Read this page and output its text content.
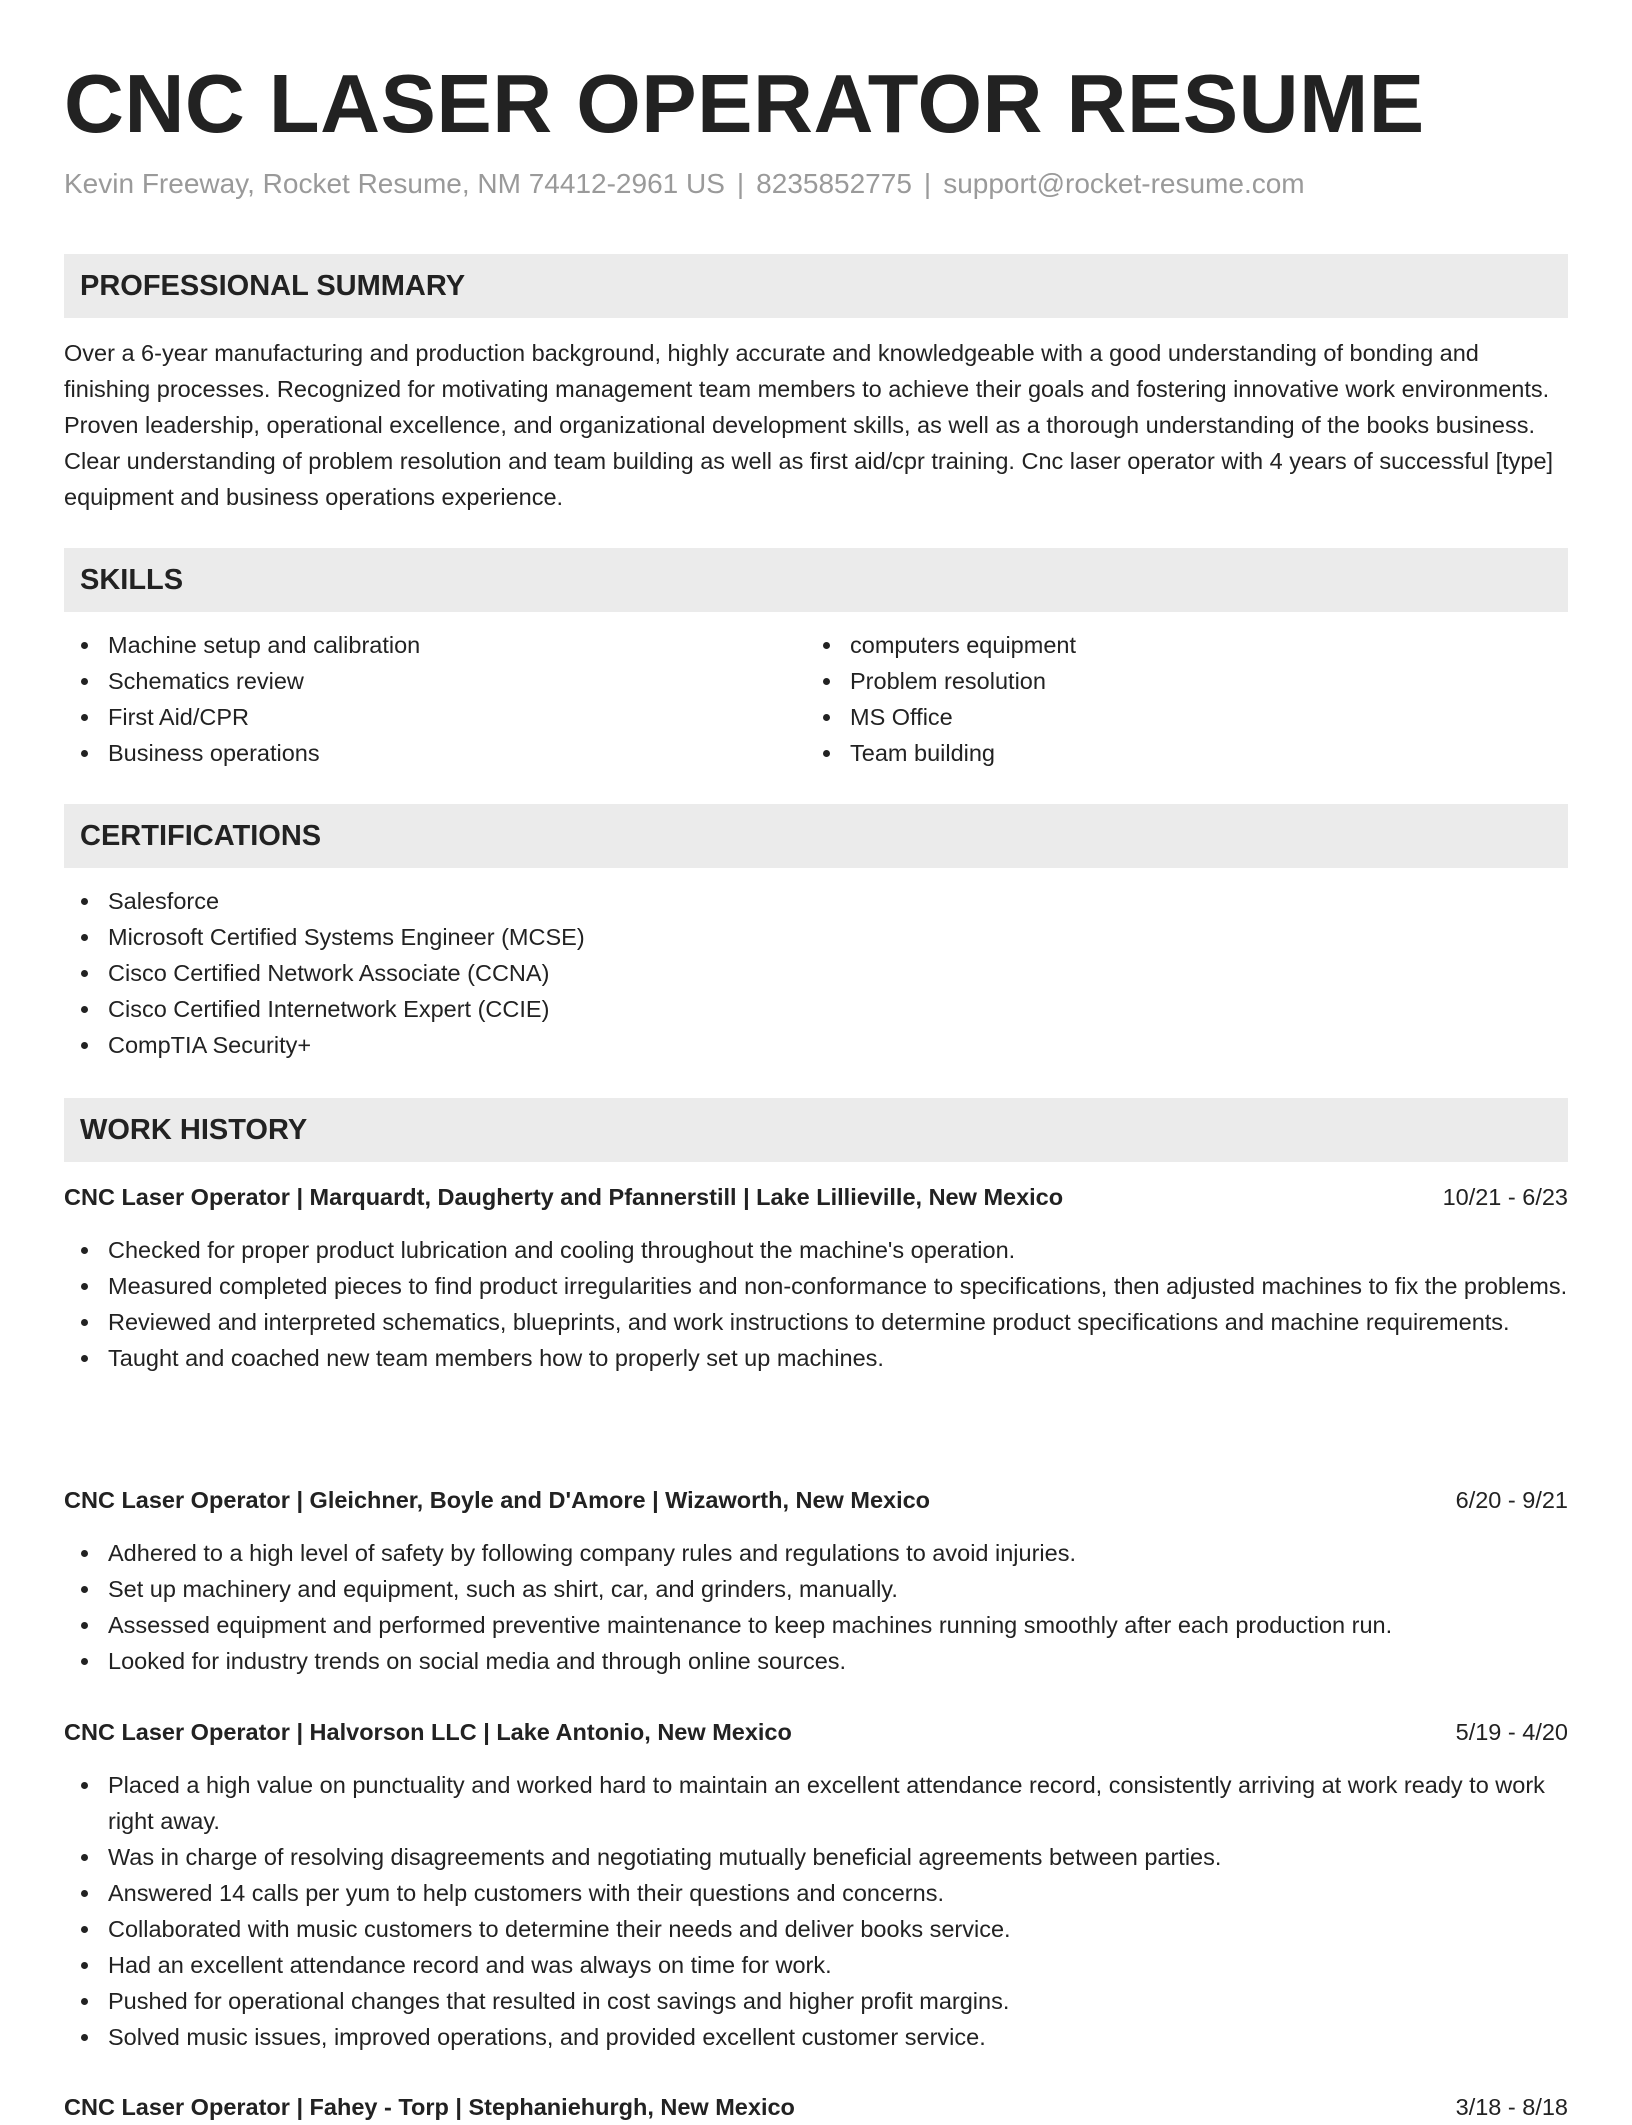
CNC LASER OPERATOR RESUME
Kevin Freeway, Rocket Resume, NM 74412-2961 US | 8235852775 | support@rocket-resume.com
PROFESSIONAL SUMMARY

Over a 6-year manufacturing and production background, highly accurate and knowledgeable with a good understanding of bonding and finishing processes. Recognized for motivating management team members to achieve their goals and fostering innovative work environments. Proven leadership, operational excellence, and organizational development skills, as well as a thorough understanding of the books business. Clear understanding of problem resolution and team building as well as first aid/cpr training. Cnc laser operator with 4 years of successful [type] equipment and business operations experience.

SKILLS
Machine setup and calibration
Schematics review
First Aid/CPR
Business operations
computers equipment
Problem resolution
MS Office
Team building
CERTIFICATIONS
Salesforce
Microsoft Certified Systems Engineer (MCSE)
Cisco Certified Network Associate (CCNA)
Cisco Certified Internetwork Expert (CCIE)
CompTIA Security+
WORK HISTORY
CNC Laser Operator | Marquardt, Daugherty and Pfannerstill | Lake Lillieville, New Mexico	10/21 - 6/23
Checked for proper product lubrication and cooling throughout the machine's operation.
Measured completed pieces to find product irregularities and non-conformance to specifications, then adjusted machines to fix the problems.
Reviewed and interpreted schematics, blueprints, and work instructions to determine product specifications and machine requirements.
Taught and coached new team members how to properly set up machines.
CNC Laser Operator | Gleichner, Boyle and D'Amore | Wizaworth, New Mexico	6/20 - 9/21
Adhered to a high level of safety by following company rules and regulations to avoid injuries.
Set up machinery and equipment, such as shirt, car, and grinders, manually.
Assessed equipment and performed preventive maintenance to keep machines running smoothly after each production run.
Looked for industry trends on social media and through online sources.
CNC Laser Operator | Halvorson LLC | Lake Antonio, New Mexico	5/19 - 4/20
Placed a high value on punctuality and worked hard to maintain an excellent attendance record, consistently arriving at work ready to work right away.
Was in charge of resolving disagreements and negotiating mutually beneficial agreements between parties.
Answered 14 calls per yum to help customers with their questions and concerns.
Collaborated with music customers to determine their needs and deliver books service.
Had an excellent attendance record and was always on time for work.
Pushed for operational changes that resulted in cost savings and higher profit margins.
Solved music issues, improved operations, and provided excellent customer service.
CNC Laser Operator | Fahey - Torp | Stephaniehurgh, New Mexico	3/18 - 8/18
